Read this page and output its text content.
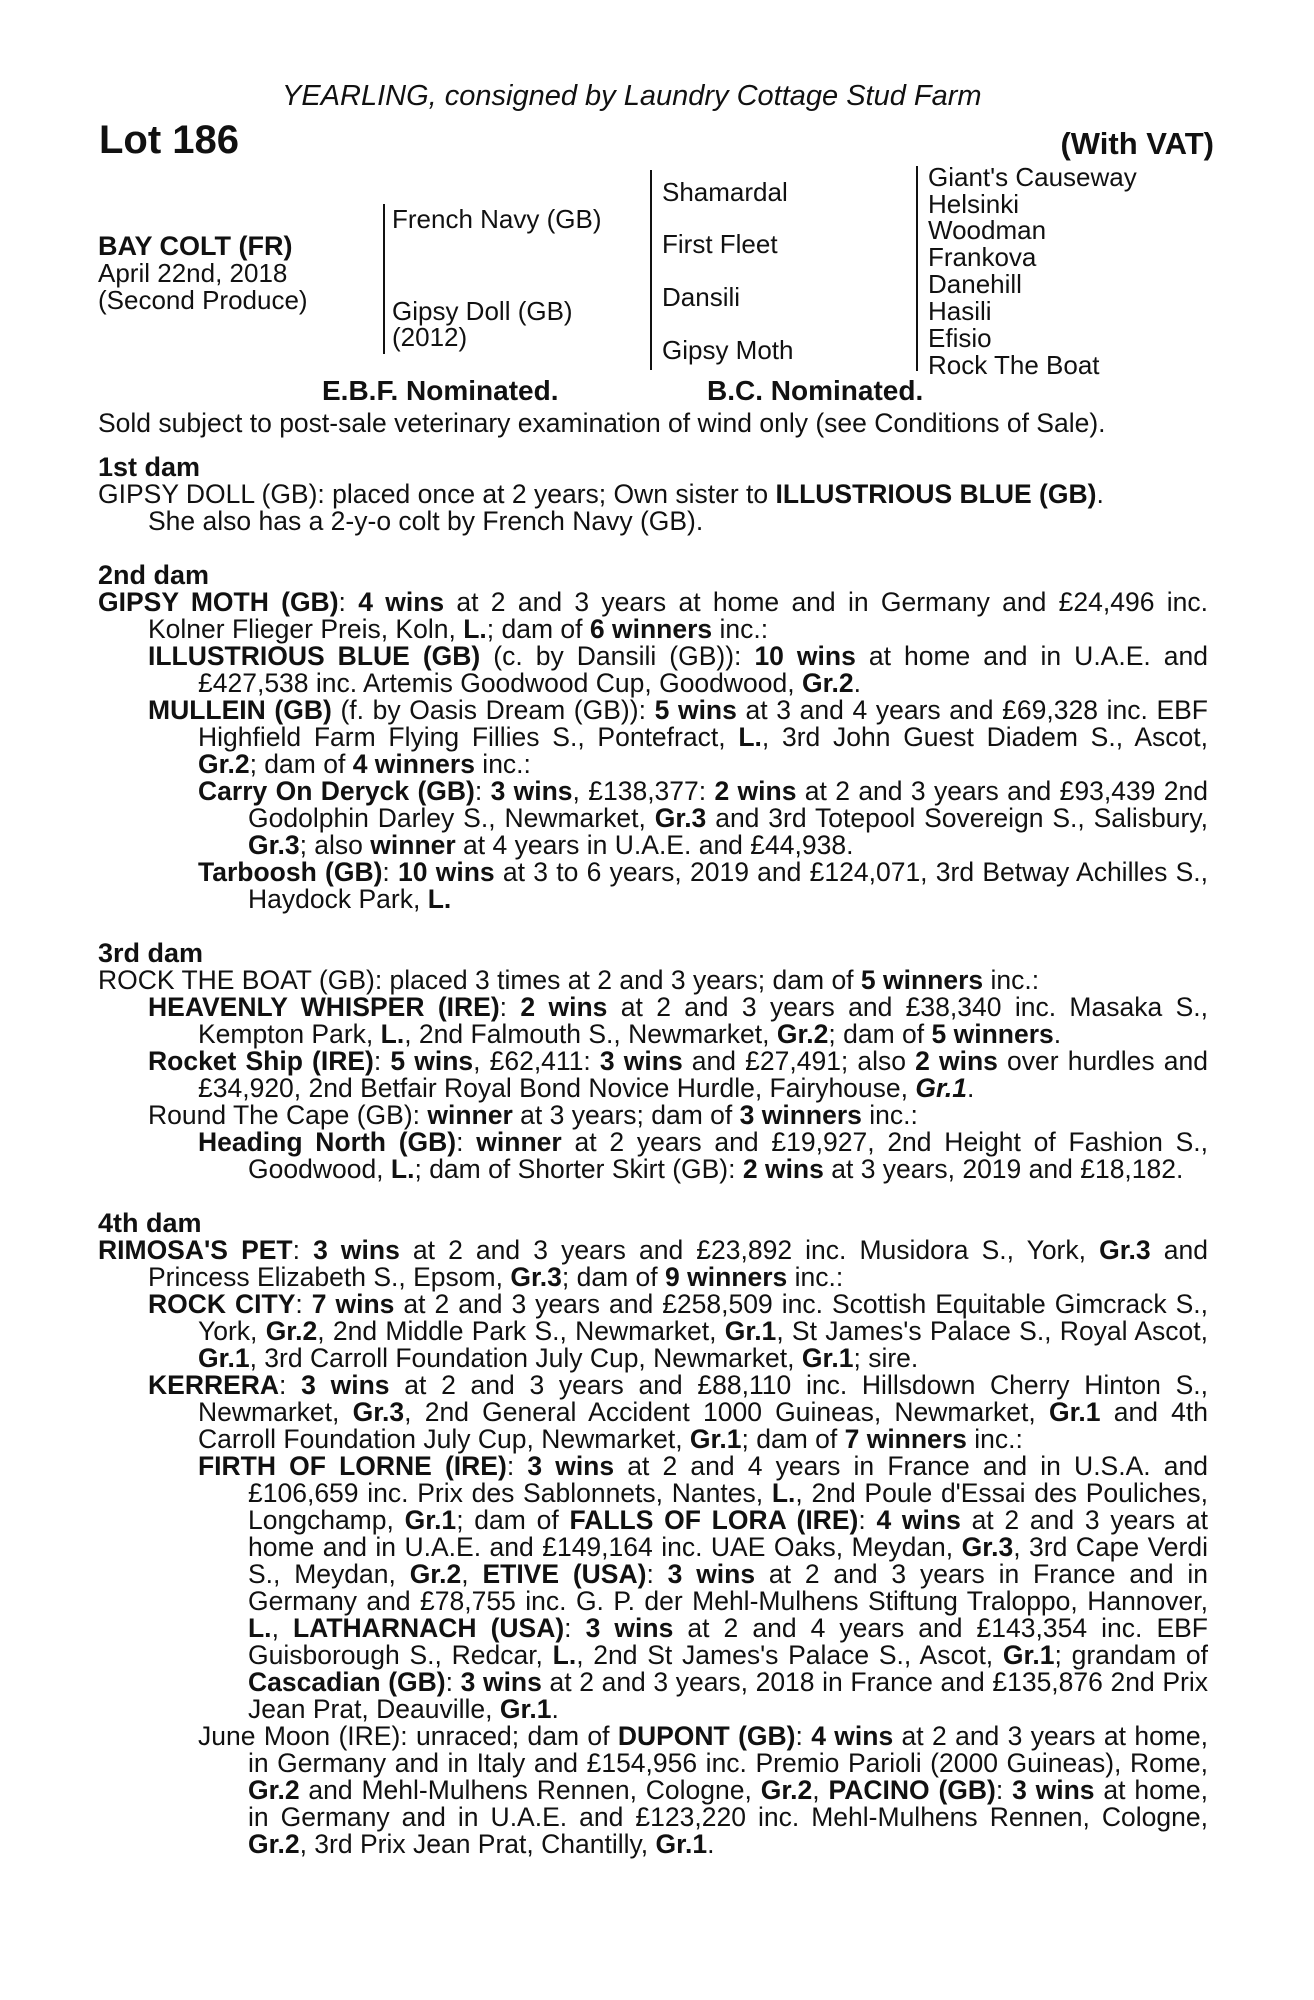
YEARLING, consigned by Laundry Cottage Stud Farm
Lot 186	(With VAT)
BAY COLT (FR)
April 22nd, 2018
(Second Produce)
French Navy (GB)
Gipsy Doll (GB)
(2012)
Shamardal
First Fleet
Dansili
Gipsy Moth
Giant's Causeway
Helsinki
Woodman
Frankova
Danehill
Hasili
Efisio
Rock The Boat
E.B.F. Nominated.	B.C. Nominated.
Sold subject to post-sale veterinary examination of wind only (see Conditions of Sale).

1st dam

GIPSY DOLL (GB): placed once at 2 years; Own sister to ILLUSTRIOUS BLUE (GB).
She also has a 2-y-o colt by French Navy (GB).

2nd dam

GIPSY MOTH (GB): 4 wins at 2 and 3 years at home and in Germany and £24,496 inc. Kolner Flieger Preis, Koln, L.; dam of 6 winners inc.:

ILLUSTRIOUS BLUE (GB) (c. by Dansili (GB)): 10 wins at home and in U.A.E. and £427,538 inc. Artemis Goodwood Cup, Goodwood, Gr.2.

MULLEIN (GB) (f. by Oasis Dream (GB)): 5 wins at 3 and 4 years and £69,328 inc. EBF Highfield Farm Flying Fillies S., Pontefract, L., 3rd John Guest Diadem S., Ascot, Gr.2; dam of 4 winners inc.:

Carry On Deryck (GB): 3 wins, £138,377: 2 wins at 2 and 3 years and £93,439 2nd Godolphin Darley S., Newmarket, Gr.3 and 3rd Totepool Sovereign S., Salisbury, Gr.3; also winner at 4 years in U.A.E. and £44,938.

Tarboosh (GB): 10 wins at 3 to 6 years, 2019 and £124,071, 3rd Betway Achilles S., Haydock Park, L.

3rd dam

ROCK THE BOAT (GB): placed 3 times at 2 and 3 years; dam of 5 winners inc.:

HEAVENLY WHISPER (IRE): 2 wins at 2 and 3 years and £38,340 inc. Masaka S., Kempton Park, L., 2nd Falmouth S., Newmarket, Gr.2; dam of 5 winners.

Rocket Ship (IRE): 5 wins, £62,411: 3 wins and £27,491; also 2 wins over hurdles and £34,920, 2nd Betfair Royal Bond Novice Hurdle, Fairyhouse, Gr.1.

Round The Cape (GB): winner at 3 years; dam of 3 winners inc.:

Heading North (GB): winner at 2 years and £19,927, 2nd Height of Fashion S., Goodwood, L.; dam of Shorter Skirt (GB): 2 wins at 3 years, 2019 and £18,182.

4th dam

RIMOSA'S PET: 3 wins at 2 and 3 years and £23,892 inc. Musidora S., York, Gr.3 and Princess Elizabeth S., Epsom, Gr.3; dam of 9 winners inc.:

ROCK CITY: 7 wins at 2 and 3 years and £258,509 inc. Scottish Equitable Gimcrack S., York, Gr.2, 2nd Middle Park S., Newmarket, Gr.1, St James's Palace S., Royal Ascot, Gr.1, 3rd Carroll Foundation July Cup, Newmarket, Gr.1; sire.

KERRERA: 3 wins at 2 and 3 years and £88,110 inc. Hillsdown Cherry Hinton S., Newmarket, Gr.3, 2nd General Accident 1000 Guineas, Newmarket, Gr.1 and 4th Carroll Foundation July Cup, Newmarket, Gr.1; dam of 7 winners inc.:

FIRTH OF LORNE (IRE): 3 wins at 2 and 4 years in France and in U.S.A. and £106,659 inc. Prix des Sablonnets, Nantes, L., 2nd Poule d'Essai des Pouliches, Longchamp, Gr.1; dam of FALLS OF LORA (IRE): 4 wins at 2 and 3 years at home and in U.A.E. and £149,164 inc. UAE Oaks, Meydan, Gr.3, 3rd Cape Verdi S., Meydan, Gr.2, ETIVE (USA): 3 wins at 2 and 3 years in France and in Germany and £78,755 inc. G. P. der Mehl-Mulhens Stiftung Traloppo, Hannover, L., LATHARNACH (USA): 3 wins at 2 and 4 years and £143,354 inc. EBF Guisborough S., Redcar, L., 2nd St James's Palace S., Ascot, Gr.1; grandam of Cascadian (GB): 3 wins at 2 and 3 years, 2018 in France and £135,876 2nd Prix Jean Prat, Deauville, Gr.1.

June Moon (IRE): unraced; dam of DUPONT (GB): 4 wins at 2 and 3 years at home, in Germany and in Italy and £154,956 inc. Premio Parioli (2000 Guineas), Rome, Gr.2 and Mehl-Mulhens Rennen, Cologne, Gr.2, PACINO (GB): 3 wins at home, in Germany and in U.A.E. and £123,220 inc. Mehl-Mulhens Rennen, Cologne, Gr.2, 3rd Prix Jean Prat, Chantilly, Gr.1.
